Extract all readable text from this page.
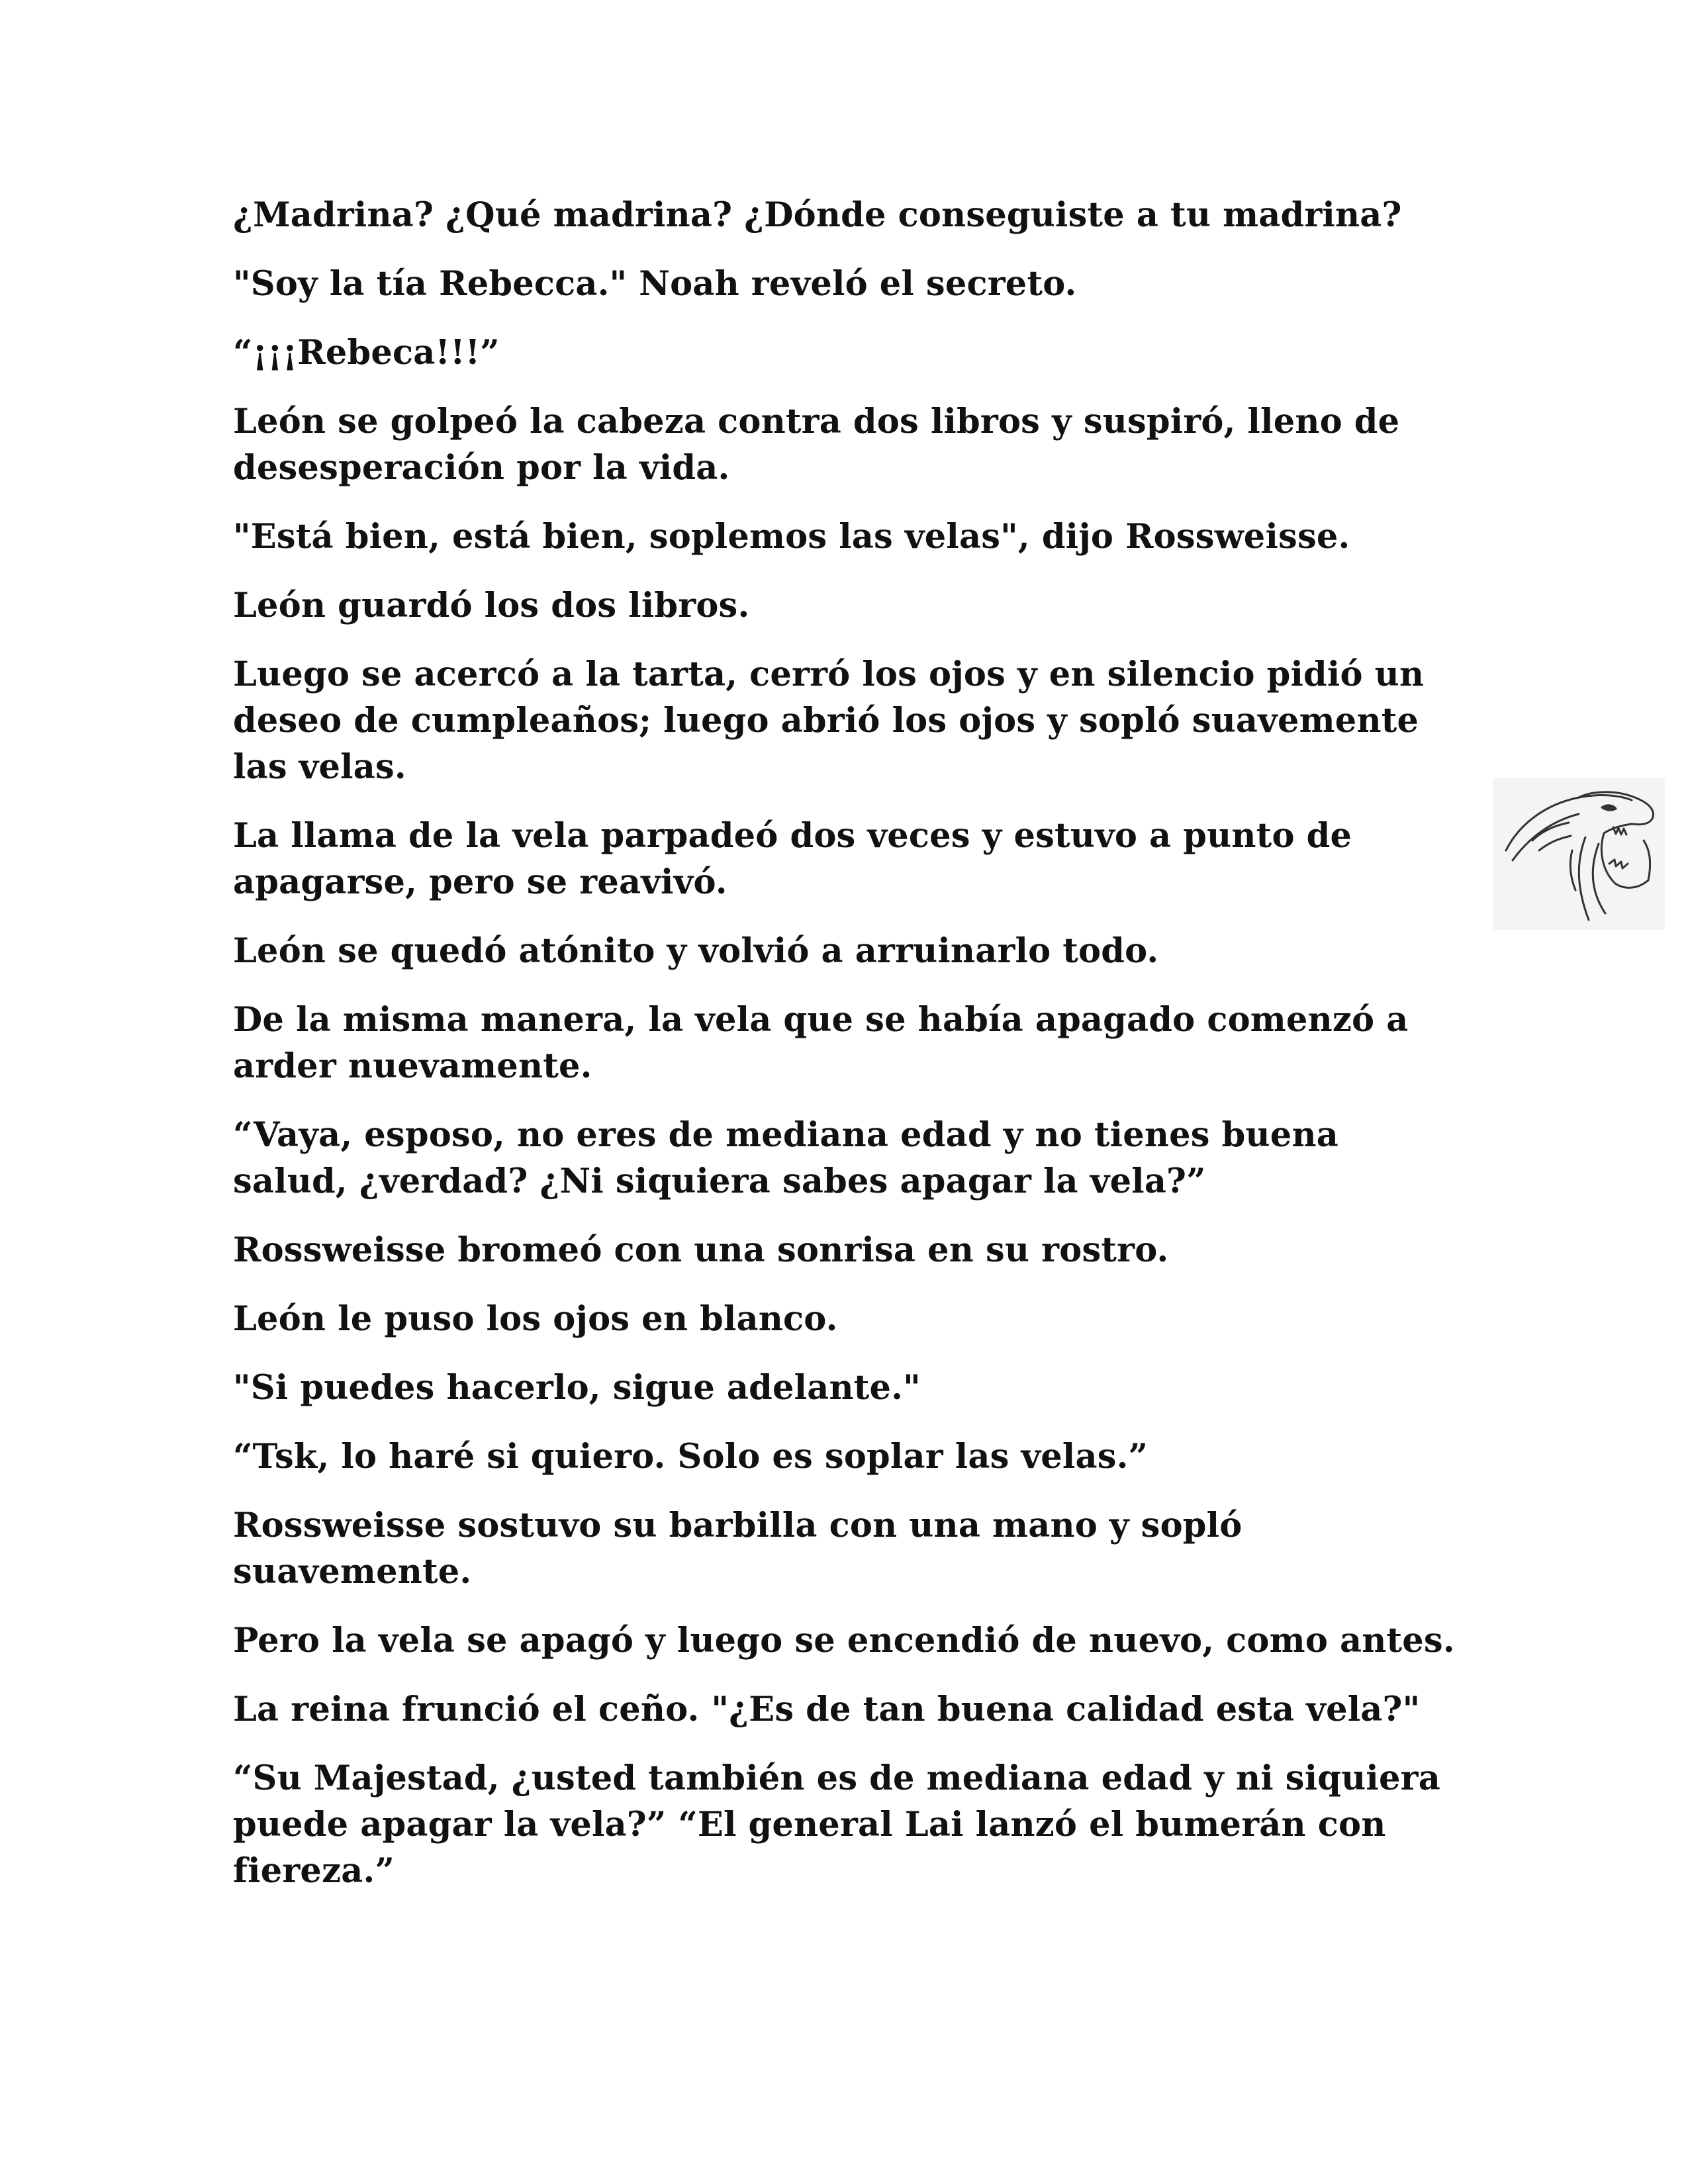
¿Madrina? ¿Qué madrina? ¿Dónde conseguiste a tu madrina?

"Soy la tía Rebecca." Noah reveló el secreto.

“¡¡¡Rebeca!!!”

León se golpeó la cabeza contra dos libros y suspiró, lleno de desesperación por la vida.

"Está bien, está bien, soplemos las velas", dijo Rossweisse.

León guardó los dos libros.

Luego se acercó a la tarta, cerró los ojos y en silencio pidió un deseo de cumpleaños; luego abrió los ojos y sopló suavemente las velas.

La llama de la vela parpadeó dos veces y estuvo a punto de apagarse, pero se reavivó.

León se quedó atónito y volvió a arruinarlo todo.

De la misma manera, la vela que se había apagado comenzó a arder nuevamente.

“Vaya, esposo, no eres de mediana edad y no tienes buena salud, ¿verdad? ¿Ni siquiera sabes apagar la vela?”

Rossweisse bromeó con una sonrisa en su rostro.

León le puso los ojos en blanco.

"Si puedes hacerlo, sigue adelante."

“Tsk, lo haré si quiero. Solo es soplar las velas.”

Rossweisse sostuvo su barbilla con una mano y sopló suavemente.

Pero la vela se apagó y luego se encendió de nuevo, como antes.

La reina frunció el ceño. "¿Es de tan buena calidad esta vela?"

“Su Majestad, ¿usted también es de mediana edad y ni siquiera puede apagar la vela?” “El general Lai lanzó el bumerán con fiereza.”
